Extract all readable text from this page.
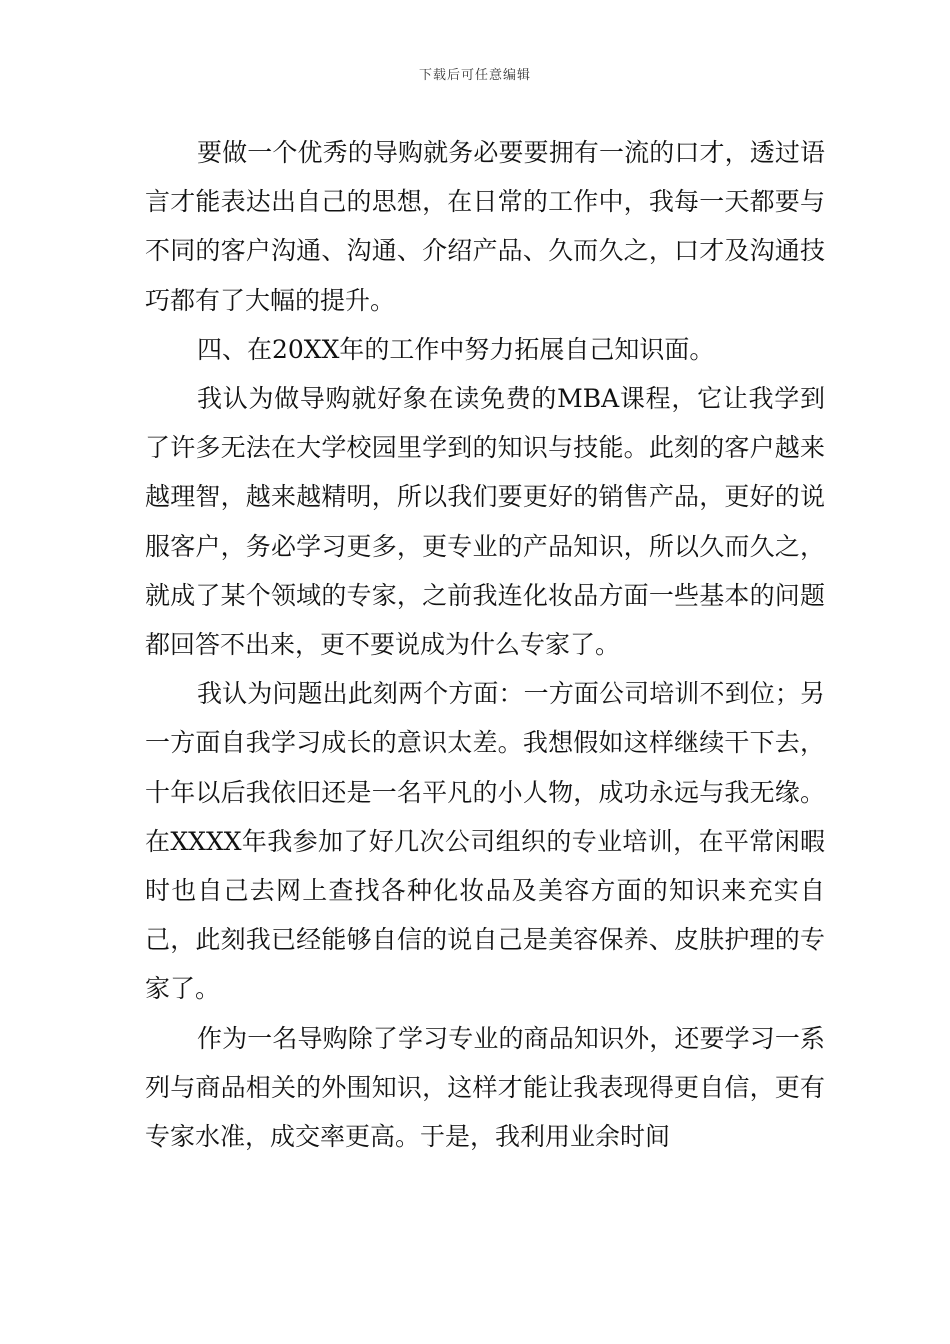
下载后可任意编辑

要做一个优秀的导购就务必要要拥有一流的口才，透过语言才能表达出自己的思想，在日常的工作中，我每一天都要与不同的客户沟通、沟通、介绍产品、久而久之，口才及沟通技巧都有了大幅的提升。

四、在20XX年的工作中努力拓展自己知识面。

我认为做导购就好象在读免费的MBA课程，它让我学到了许多无法在大学校园里学到的知识与技能。此刻的客户越来越理智，越来越精明，所以我们要更好的销售产品，更好的说服客户，务必学习更多，更专业的产品知识，所以久而久之，就成了某个领域的专家，之前我连化妆品方面一些基本的问题都回答不出来，更不要说成为什么专家了。

我认为问题出此刻两个方面：一方面公司培训不到位；另一方面自我学习成长的意识太差。我想假如这样继续干下去，十年以后我依旧还是一名平凡的小人物，成功永远与我无缘。在XXXX年我参加了好几次公司组织的专业培训，在平常闲暇时也自己去网上查找各种化妆品及美容方面的知识来充实自己，此刻我已经能够自信的说自己是美容保养、皮肤护理的专家了。

作为一名导购除了学习专业的商品知识外，还要学习一系列与商品相关的外围知识，这样才能让我表现得更自信，更有专家水准，成交率更高。于是，我利用业余时间
